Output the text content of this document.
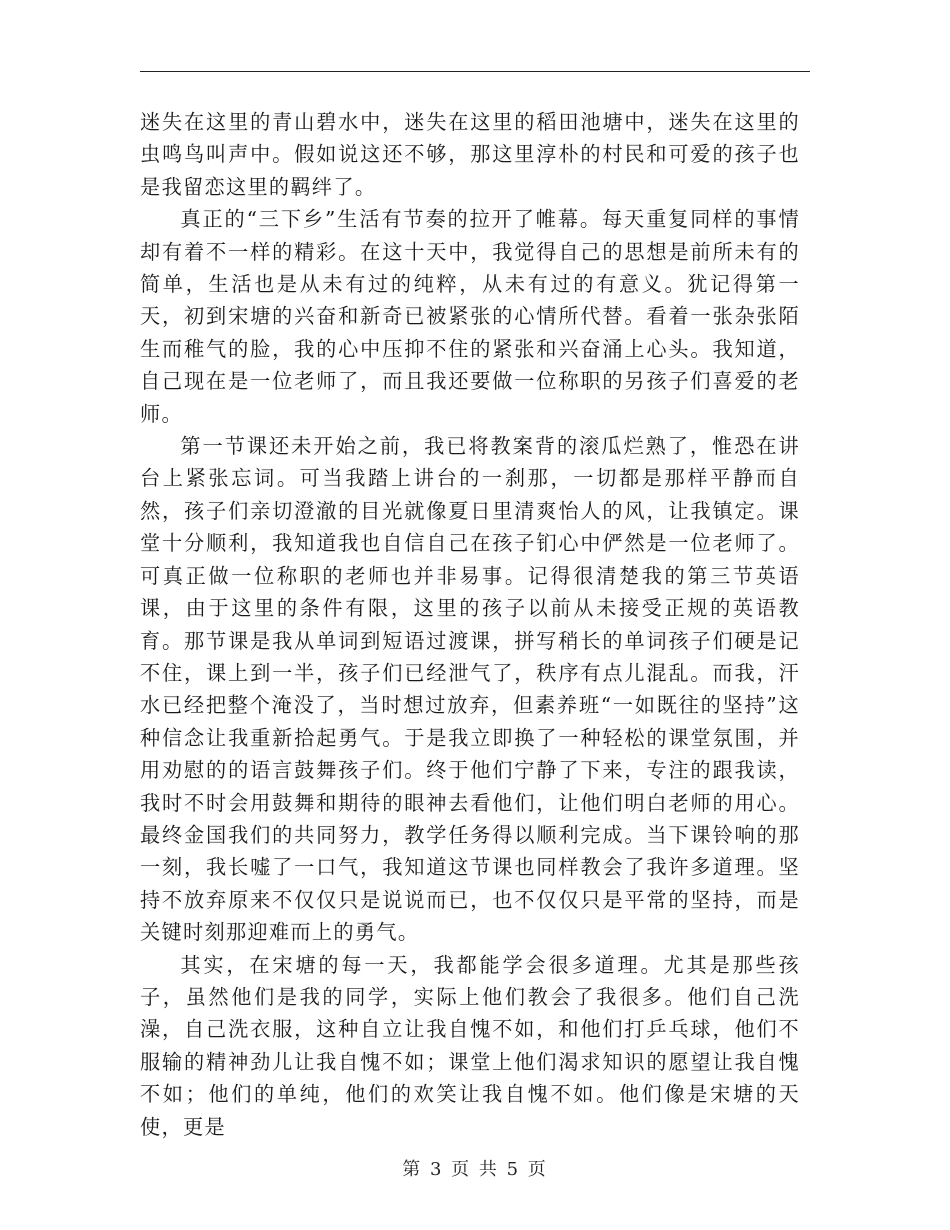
迷失在这里的青山碧水中，迷失在这里的稻田池塘中，迷失在这里的虫鸣鸟叫声中。假如说这还不够，那这里淳朴的村民和可爱的孩子也是我留恋这里的羁绊了。

真正的“三下乡”生活有节奏的拉开了帷幕。每天重复同样的事情却有着不一样的精彩。在这十天中，我觉得自己的思想是前所未有的简单，生活也是从未有过的纯粹，从未有过的有意义。犹记得第一天，初到宋塘的兴奋和新奇已被紧张的心情所代替。看着一张杂张陌生而稚气的脸，我的心中压抑不住的紧张和兴奋涌上心头。我知道，自己现在是一位老师了，而且我还要做一位称职的另孩子们喜爱的老师。

第一节课还未开始之前，我已将教案背的滚瓜烂熟了，惟恐在讲台上紧张忘词。可当我踏上讲台的一刹那，一切都是那样平静而自然，孩子们亲切澄澈的目光就像夏日里清爽怡人的风，让我镇定。课堂十分顺利，我知道我也自信自己在孩子钔心中俨然是一位老师了。可真正做一位称职的老师也并非易事。记得很清楚我的第三节英语课，由于这里的条件有限，这里的孩子以前从未接受正规的英语教育。那节课是我从单词到短语过渡课，拼写稍长的单词孩子们硬是记不住，课上到一半，孩子们已经泄气了，秩序有点儿混乱。而我，汗水已经把整个淹没了，当时想过放弃，但素养班“一如既往的坚持”这种信念让我重新拾起勇气。于是我立即换了一种轻松的课堂氛围，并用劝慰的的语言鼓舞孩子们。终于他们宁静了下来，专注的跟我读，我时不时会用鼓舞和期待的眼神去看他们，让他们明白老师的用心。最终金国我们的共同努力，教学任务得以顺利完成。当下课铃响的那一刻，我长嘘了一口气，我知道这节课也同样教会了我许多道理。坚持不放弃原来不仅仅只是说说而已，也不仅仅只是平常的坚持，而是关键时刻那迎难而上的勇气。

其实，在宋塘的每一天，我都能学会很多道理。尤其是那些孩子，虽然他们是我的同学，实际上他们教会了我很多。他们自己洗澡，自己洗衣服，这种自立让我自愧不如，和他们打乒乓球，他们不服输的精神劲儿让我自愧不如；课堂上他们渴求知识的愿望让我自愧不如；他们的单纯，他们的欢笑让我自愧不如。他们像是宋塘的天使，更是

第 3 页 共 5 页
